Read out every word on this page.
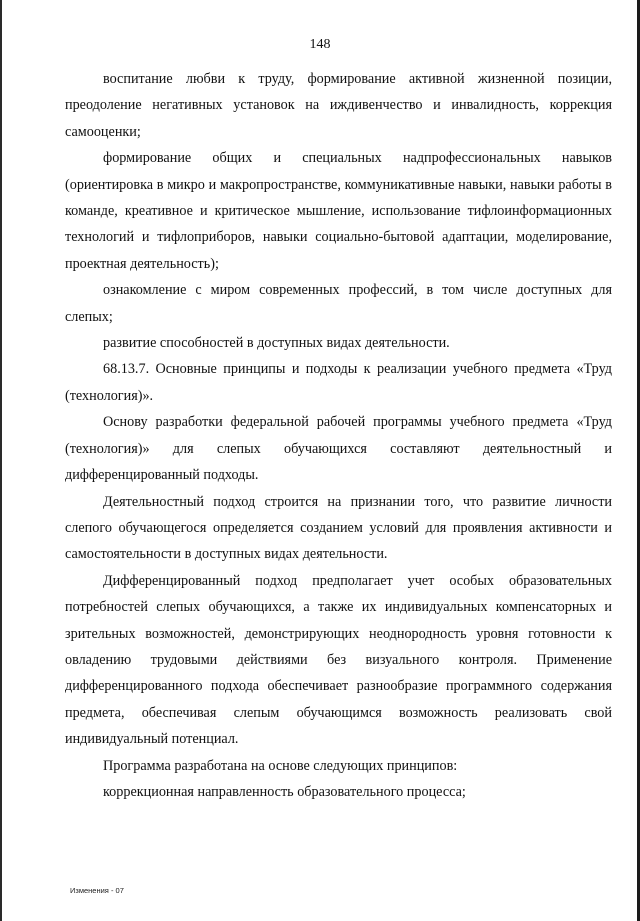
148

воспитание любви к труду, формирование активной жизненной позиции, преодоление негативных установок на иждивенчество и инвалидность, коррекция самооценки;

формирование общих и специальных надпрофессиональных навыков (ориентировка в микро и макропространстве, коммуникативные навыки, навыки работы в команде, креативное и критическое мышление, использование тифлоинформационных технологий и тифлоприборов, навыки социально-бытовой адаптации, моделирование, проектная деятельность);

ознакомление с миром современных профессий, в том числе доступных для слепых;

развитие способностей в доступных видах деятельности.

68.13.7. Основные принципы и подходы к реализации учебного предмета «Труд (технология)».

Основу разработки федеральной рабочей программы учебного предмета «Труд (технология)» для слепых обучающихся составляют деятельностный и дифференцированный подходы.

Деятельностный подход строится на признании того, что развитие личности слепого обучающегося определяется созданием условий для проявления активности и самостоятельности в доступных видах деятельности.

Дифференцированный подход предполагает учет особых образовательных потребностей слепых обучающихся, а также их индивидуальных компенсаторных и зрительных возможностей, демонстрирующих неоднородность уровня готовности к овладению трудовыми действиями без визуального контроля. Применение дифференцированного подхода обеспечивает разнообразие программного содержания предмета, обеспечивая слепым обучающимся возможность реализовать свой индивидуальный потенциал.

Программа разработана на основе следующих принципов:

коррекционная направленность образовательного процесса;

Изменения - 07
